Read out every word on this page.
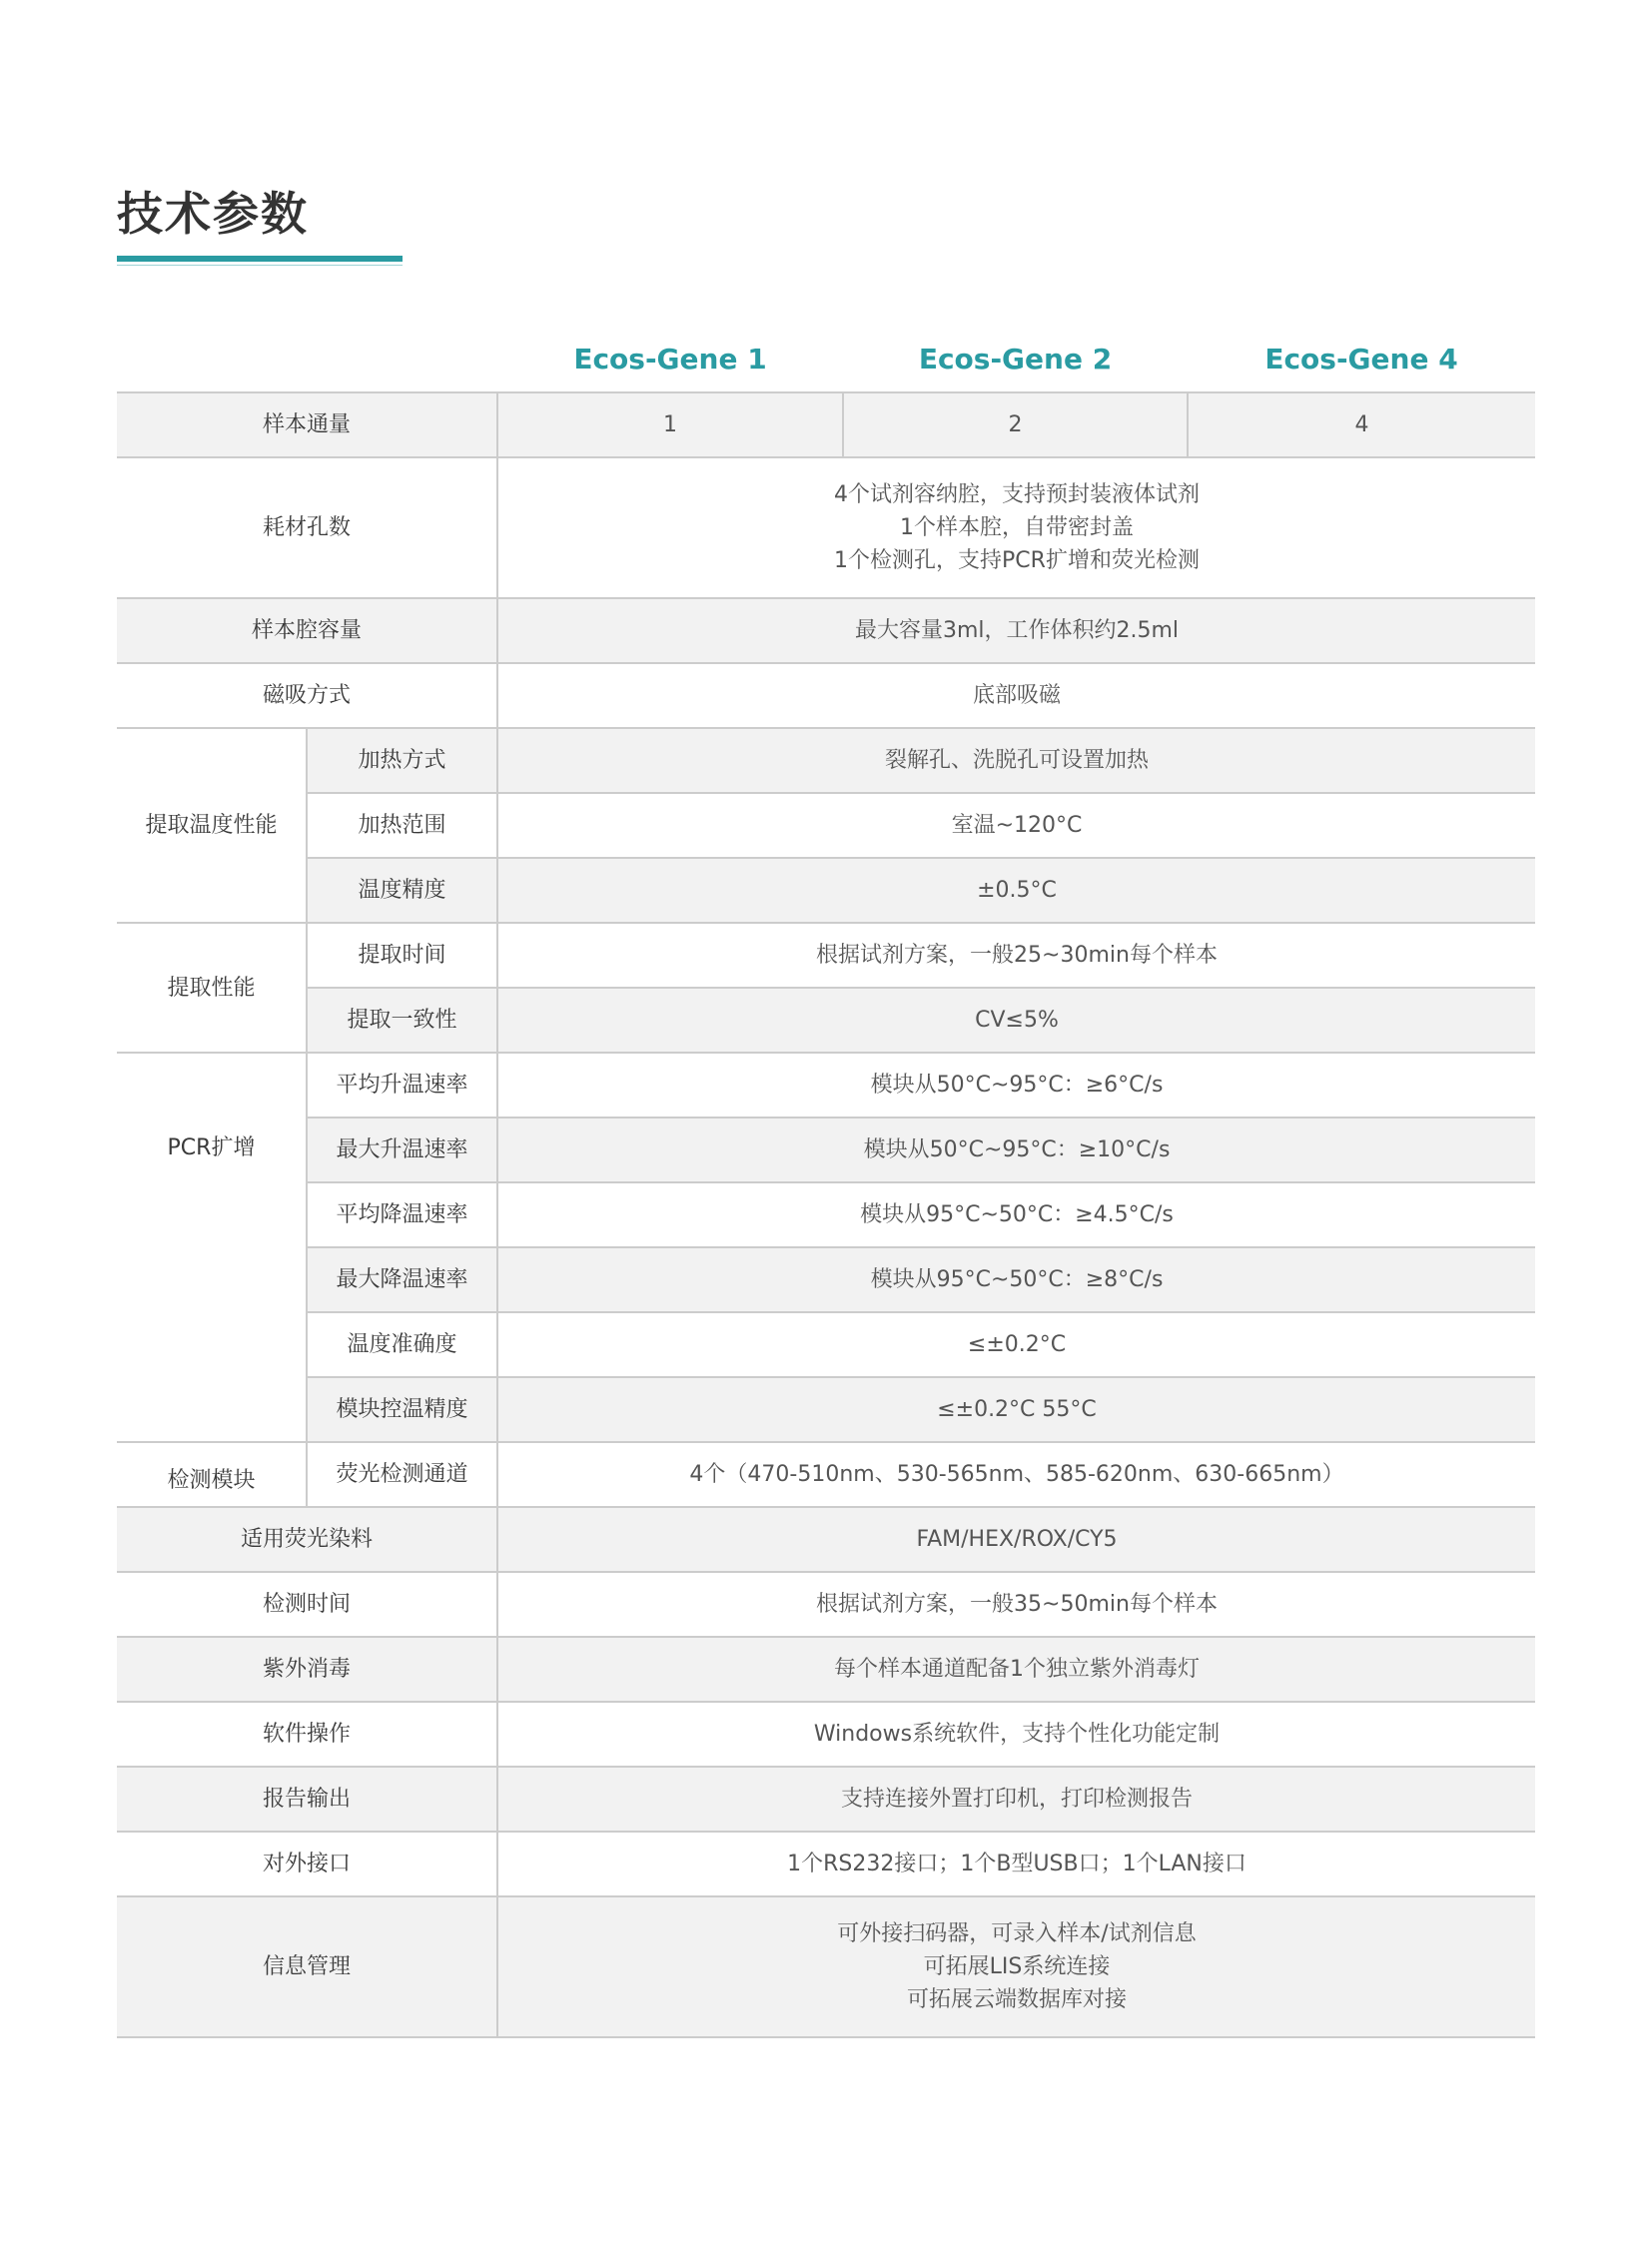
技术参数
		Ecos-Gene 1	Ecos-Gene 2	Ecos-Gene 4
样本通量		1	2	4
耗材孔数		4个试剂容纳腔，支持预封装液体试剂
1个样本腔，自带密封盖
1个检测孔，支持PCR扩增和荧光检测		

样本腔容量		最大容量3ml，工作体积约2.5ml		
磁吸方式		底部吸磁		
提取温度性能	加热方式	裂解孔、洗脱孔可设置加热		
	加热范围	室温~120°C		
	温度精度	±0.5°C		
提取性能	提取时间	根据试剂方案，一般25~30min每个样本		
	提取一致性	CV≤5%		
PCR扩增	平均升温速率	模块从50°C~95°C：≥6°C/s		
	最大升温速率	模块从50°C~95°C：≥10°C/s		
	平均降温速率	模块从95°C~50°C：≥4.5°C/s		
	最大降温速率	模块从95°C~50°C：≥8°C/s		
	温度准确度	≤±0.2°C		
	模块控温精度	≤±0.2°C 55°C		
检测模块	荧光检测通道	4个（470-510nm、530-565nm、585-620nm、630-665nm）		
适用荧光染料		FAM/HEX/ROX/CY5		
检测时间		根据试剂方案，一般35~50min每个样本		
紫外消毒		每个样本通道配备1个独立紫外消毒灯		
软件操作		Windows系统软件，支持个性化功能定制		
报告输出		支持连接外置打印机，打印检测报告		
对外接口		1个RS232接口；1个B型USB口；1个LAN接口		
信息管理		可外接扫码器，可录入样本/试剂信息
可拓展LIS系统连接
可拓展云端数据库对接		
